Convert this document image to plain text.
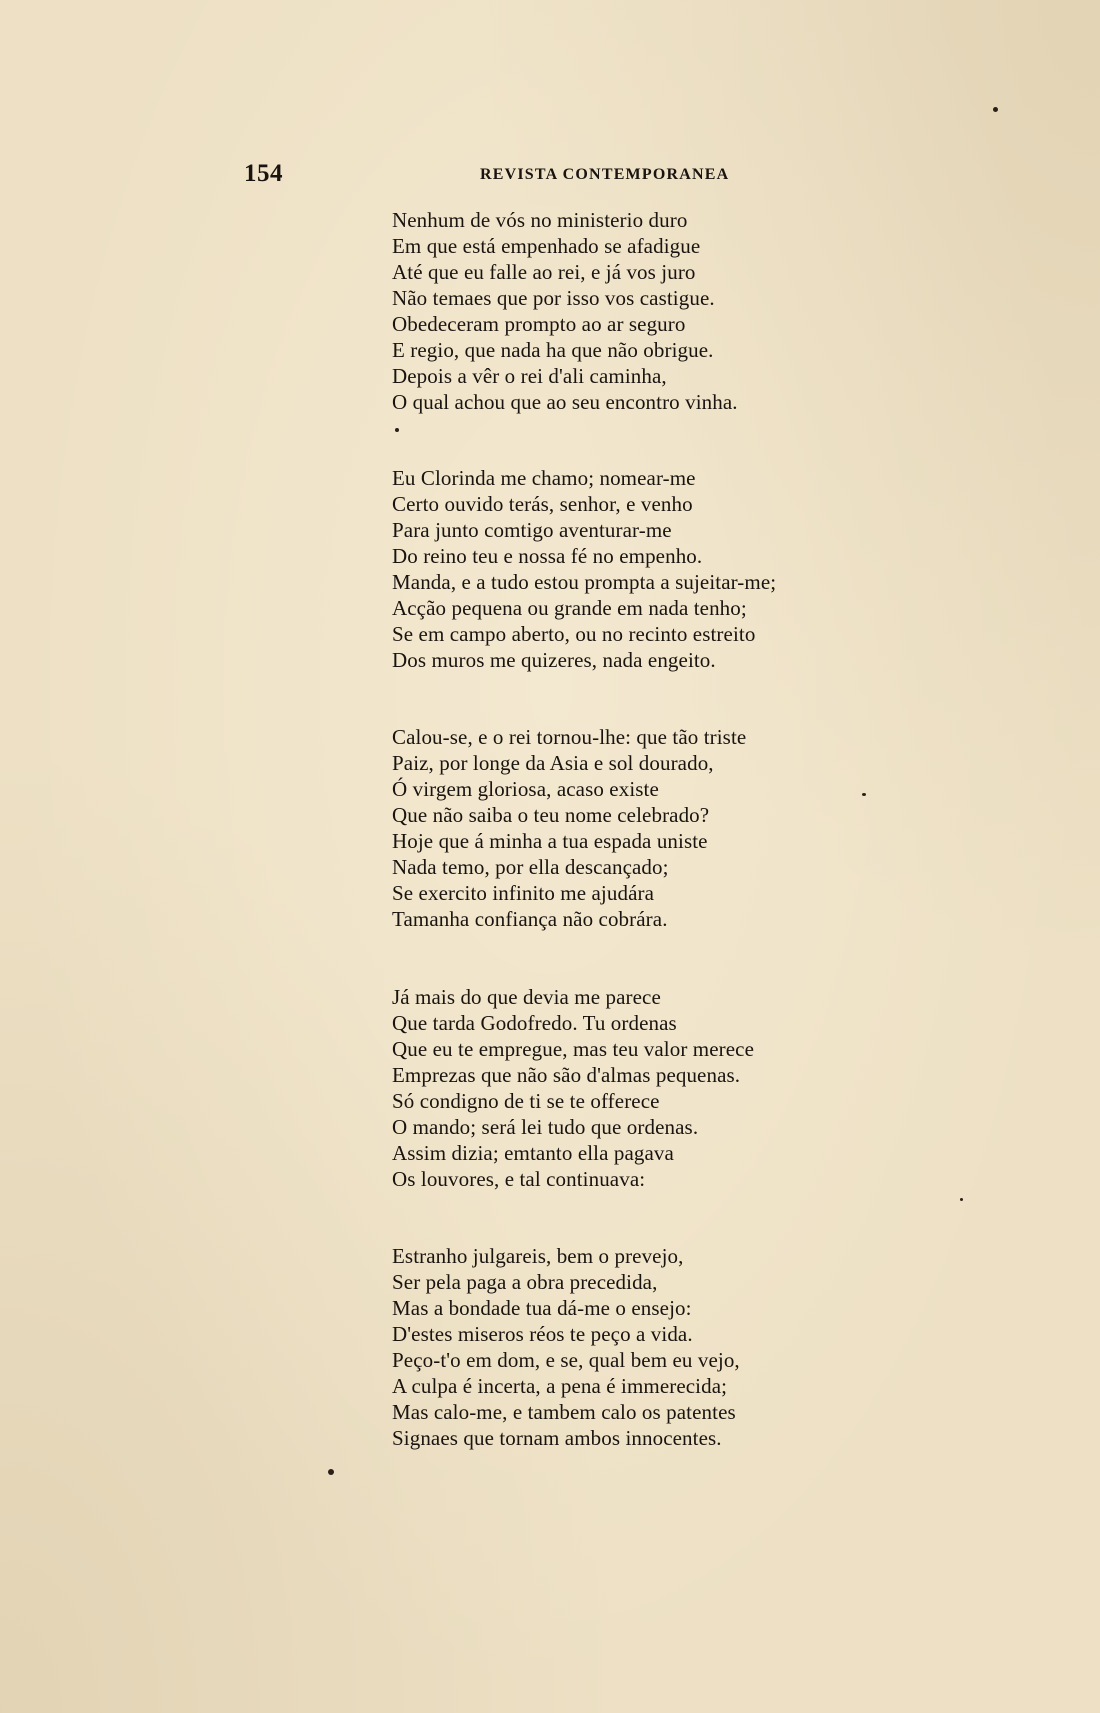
154	REVISTA CONTEMPORANEA
Nenhum de vós no ministerio duro
Em que está empenhado se afadigue
Até que eu falle ao rei, e já vos juro
Não temaes que por isso vos castigue.
Obedeceram prompto ao ar seguro
E regio, que nada ha que não obrigue.
Depois a vêr o rei d'ali caminha,
O qual achou que ao seu encontro vinha.
Eu Clorinda me chamo; nomear-me
Certo ouvido terás, senhor, e venho
Para junto comtigo aventurar-me
Do reino teu e nossa fé no empenho.
Manda, e a tudo estou prompta a sujeitar-me;
Acção pequena ou grande em nada tenho;
Se em campo aberto, ou no recinto estreito
Dos muros me quizeres, nada engeito.
Calou-se, e o rei tornou-lhe: que tão triste
Paiz, por longe da Asia e sol dourado,
Ó virgem gloriosa, acaso existe
Que não saiba o teu nome celebrado?
Hoje que á minha a tua espada uniste
Nada temo, por ella descançado;
Se exercito infinito me ajudára
Tamanha confiança não cobrára.
Já mais do que devia me parece
Que tarda Godofredo. Tu ordenas
Que eu te empregue, mas teu valor merece
Emprezas que não são d'almas pequenas.
Só condigno de ti se te offerece
O mando; será lei tudo que ordenas.
Assim dizia; emtanto ella pagava
Os louvores, e tal continuava:
Estranho julgareis, bem o prevejo,
Ser pela paga a obra precedida,
Mas a bondade tua dá-me o ensejo:
D'estes miseros réos te peço a vida.
Peço-t'o em dom, e se, qual bem eu vejo,
A culpa é incerta, a pena é immerecida;
Mas calo-me, e tambem calo os patentes
Signaes que tornam ambos innocentes.
